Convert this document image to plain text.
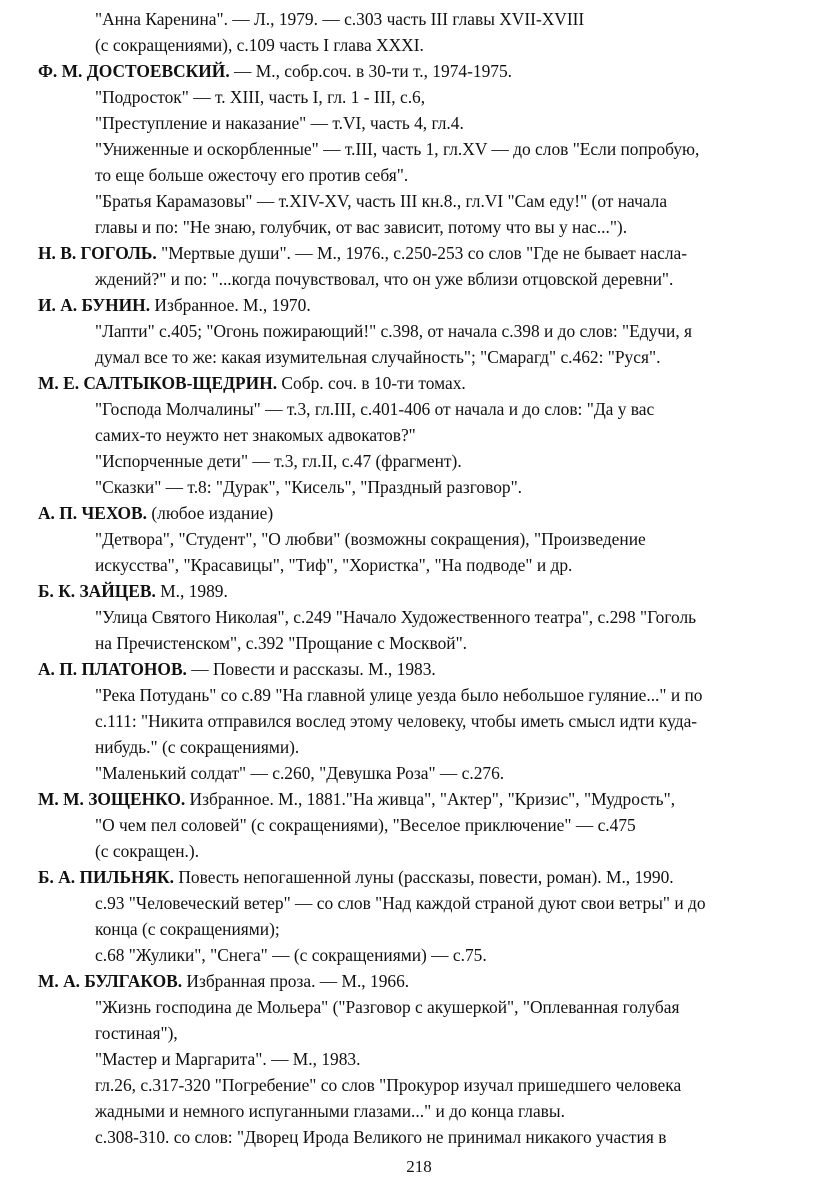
"Анна Каренина". — Л., 1979. — с.303 часть III главы XVII-XVIII
(с сокращениями), с.109 часть I глава XXXI.
Ф. М. ДОСТОЕВСКИЙ. — М., собр.соч. в 30-ти т., 1974-1975.
"Подросток" — т. XIII, часть I, гл. 1 - III, с.6,
"Преступление и наказание" — т.VI, часть 4, гл.4.
"Униженные и оскорбленные" — т.III, часть 1, гл.XV — до слов "Если попробую,
то еще больше ожесточу его против себя".
"Братья Карамазовы" — т.XIV-XV, часть III кн.8., гл.VI "Сам еду!" (от начала
главы и по: "Не знаю, голубчик, от вас зависит, потому что вы у нас...").
Н. В. ГОГОЛЬ. "Мертвые души". — М., 1976., с.250-253 со слов "Где не бывает насла-
ждений?" и по: "...когда почувствовал, что он уже вблизи отцовской деревни".
И. А. БУНИН. Избранное. М., 1970.
"Лапти" с.405; "Огонь пожирающий!" с.398, от начала с.398 и до слов: "Едучи, я
думал все то же: какая изумительная случайность"; "Смарагд" с.462: "Руся".
М. Е. САЛТЫКОВ-ЩЕДРИН. Собр. соч. в 10-ти томах.
"Господа Молчалины" — т.3, гл.III, с.401-406 от начала и до слов: "Да у вас
самих-то неужто нет знакомых адвокатов?"
"Испорченные дети" — т.3, гл.II, с.47 (фрагмент).
"Сказки" — т.8: "Дурак", "Кисель", "Праздный разговор".
А. П. ЧЕХОВ. (любое издание)
"Детвора", "Студент", "О любви" (возможны сокращения), "Произведение
искусства", "Красавицы", "Тиф", "Хористка", "На подводе" и др.
Б. К. ЗАЙЦЕВ. М., 1989.
"Улица Святого Николая", с.249 "Начало Художественного театра", с.298 "Гоголь
на Пречистенском", с.392 "Прощание с Москвой".
А. П. ПЛАТОНОВ. — Повести и рассказы. М., 1983.
"Река Потудань" со с.89 "На главной улице уезда было небольшое гуляние..." и по
с.111: "Никита отправился вослед этому человеку, чтобы иметь смысл идти куда-
нибудь." (с сокращениями).
"Маленький солдат" — с.260, "Девушка Роза" — с.276.
М. М. ЗОЩЕНКО. Избранное. М., 1881."На живца", "Актер", "Кризис", "Мудрость",
"О чем пел соловей" (с сокращениями), "Веселое приключение" — с.475
(с сокращен.).
Б. А. ПИЛЬНЯК. Повесть непогашенной луны (рассказы, повести, роман). М., 1990.
с.93 "Человеческий ветер" — со слов "Над каждой страной дуют свои ветры" и до
конца (с сокращениями);
с.68 "Жулики", "Снега" — (с сокращениями) — с.75.
М. А. БУЛГАКОВ. Избранная проза. — М., 1966.
"Жизнь господина де Мольера" ("Разговор с акушеркой", "Оплеванная голубая
гостиная"),
"Мастер и Маргарита". — М., 1983.
гл.26, с.317-320 "Погребение" со слов "Прокурор изучал пришедшего человека
жадными и немного испуганными глазами..." и до конца главы.
с.308-310. со слов: "Дворец Ирода Великого не принимал никакого участия в
218
